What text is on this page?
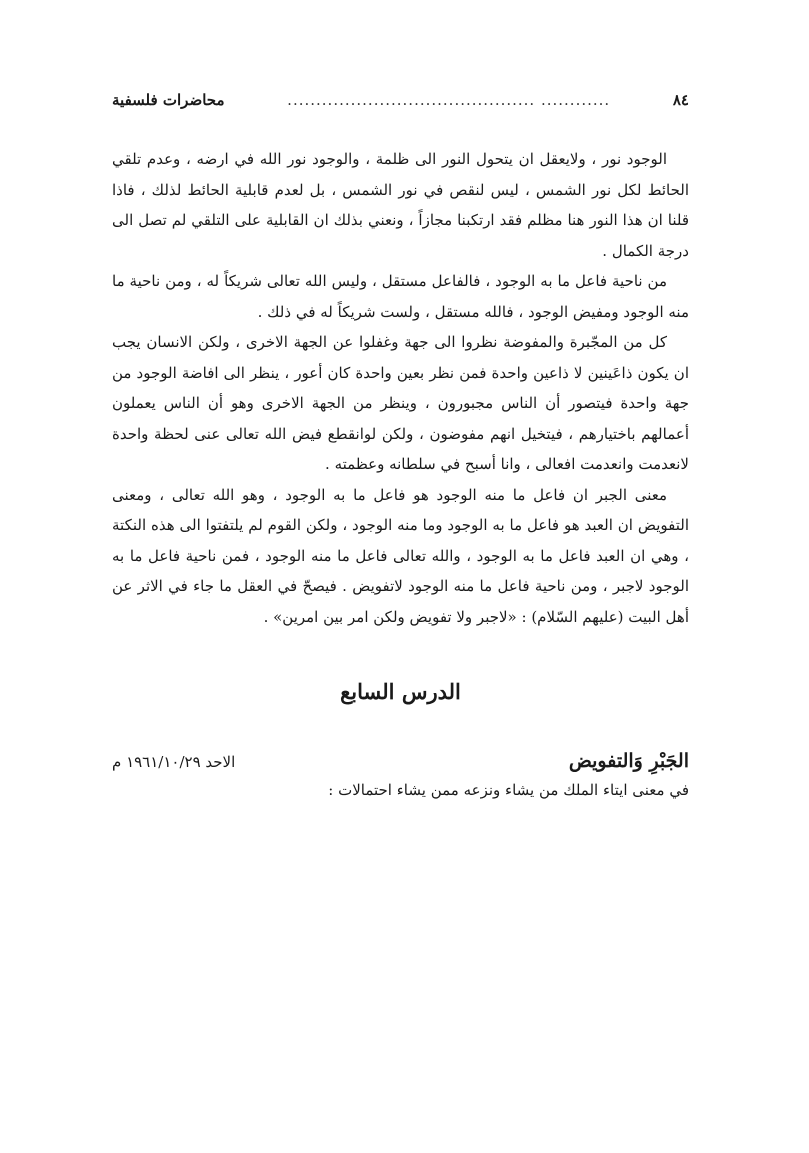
٨٤
............ ...........................................
محاضرات فلسفية

الوجود نور ، ولايعقل ان يتحول النور الى ظلمة ، والوجود نور الله في ارضه ، وعدم تلقي الحائط لكل نور الشمس ، ليس لنقص في نور الشمس ، بل لعدم قابلية الحائط لذلك ، فاذا قلنا ان هذا النور هنا مظلم فقد ارتكبنا مجازاً ، ونعني بذلك ان القابلية على التلقي لم تصل الى درجة الكمال .

من ناحية فاعل ما به الوجود ، فالفاعل مستقل ، وليس الله تعالى شريكاً له ، ومن ناحية ما منه الوجود ومفيض الوجود ، فالله مستقل ، ولست شريكاً له في ذلك .

كل من المجّبرة والمفوضة نظروا الى جهة وغفلوا عن الجهة الاخرى ، ولكن الانسان يجب ان يكون ذاعَينين لا ذاعين واحدة فمن نظر بعين واحدة كان أعور ، ينظر الى افاضة الوجود من جهة واحدة فيتصور أن الناس مجبورون ، وينظر من الجهة الاخرى وهو أن الناس يعملون أعمالهم باختيارهم ، فيتخيل انهم مفوضون ، ولكن لوانقطع فيض الله تعالى عنى لحظة واحدة لانعدمت وانعدمت افعالى ، وانا أسبح في سلطانه وعظمته .

معنى الجبر ان فاعل ما منه الوجود هو فاعل ما به الوجود ، وهو الله تعالى ، ومعنى التفويض ان العبد هو فاعل ما به الوجود وما منه الوجود ، ولكن القوم لم يلتفتوا الى هذه النكتة ، وهي ان العبد فاعل ما به الوجود ، والله تعالى فاعل ما منه الوجود ، فمن ناحية فاعل ما به الوجود لاجبر ، ومن ناحية فاعل ما منه الوجود لاتفويض . فيصحّ في العقل ما جاء في الاثر عن أهل البيت (عليهم السّلام) : «لاجبر ولا تفويض ولكن امر بين امرين» .

الدرس السابع
الجَبْرِ وَالتفويض
الاحد ١٩٦١/١٠/٢٩ م
في معنى ايتاء الملك من يشاء ونزعه ممن يشاء احتمالات :
